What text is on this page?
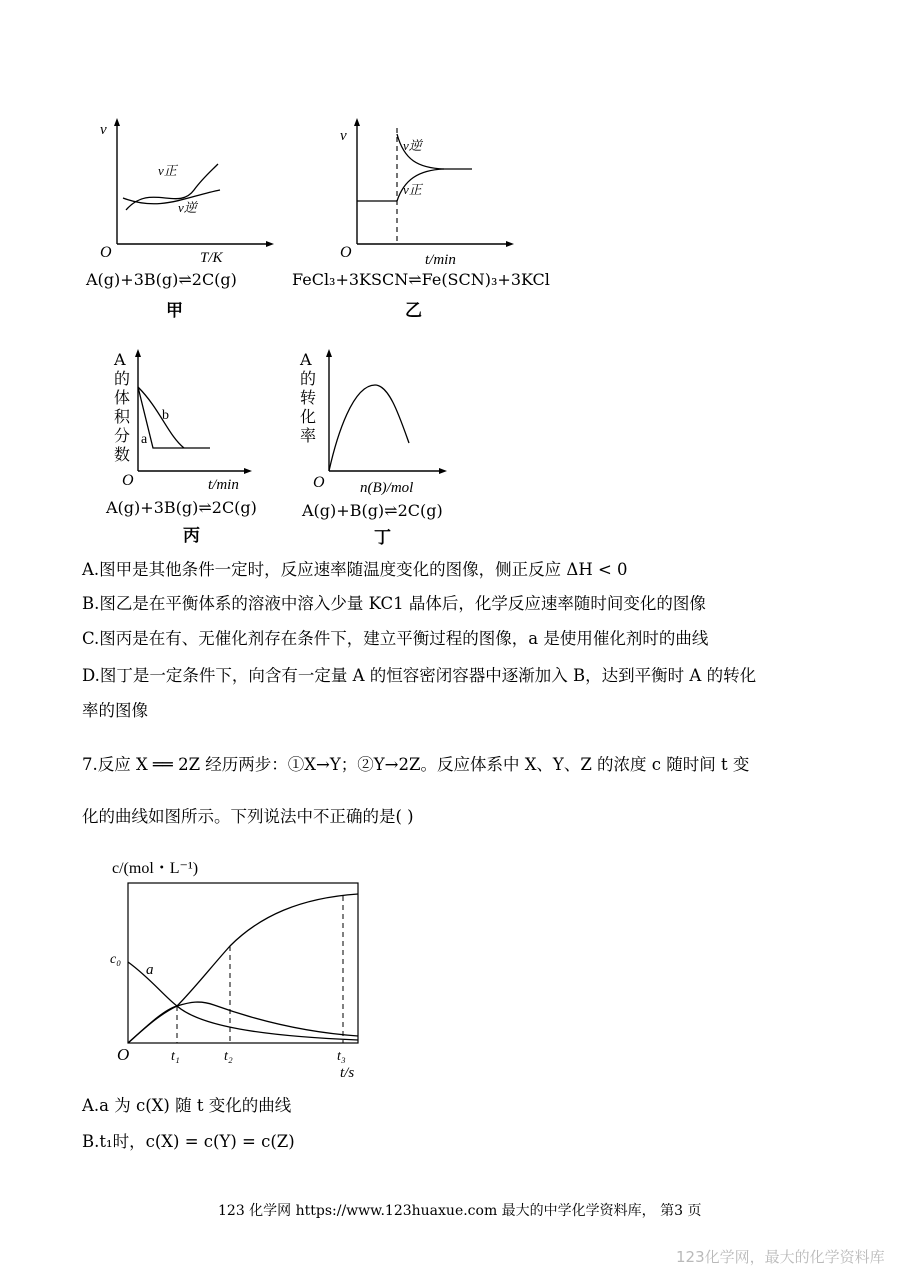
v
O	T/K
v正
v逆
A(g)+3B(g)⇌2C(g)
甲
v
O	t/min
v逆
v正
FeCl₃+3KSCN⇌Fe(SCN)₃+3KCl
乙
O	t/min
a
b
A的体积分数
A(g)+3B(g)⇌2C(g)
丙
O n(B)/mol
A的转化率
A(g)+B(g)⇌2C(g)
丁
A.图甲是其他条件一定时，反应速率随温度变化的图像，侧正反应 ΔH < 0
B.图乙是在平衡体系的溶液中溶入少量 KC1 晶体后，化学反应速率随时间变化的图像
C.图丙是在有、无催化剂存在条件下，建立平衡过程的图像，a 是使用催化剂时的曲线
D.图丁是一定条件下，向含有一定量 A 的恒容密闭容器中逐渐加入 B，达到平衡时 A 的转化
率的图像
7.反应 X ══ 2Z 经历两步：①X→Y；②Y→2Z。反应体系中 X、Y、Z 的浓度 c 随时间 t 变
化的曲线如图所示。下列说法中不正确的是( )
c/(mol・L⁻¹)
c₀
a
O	t₁	t₂	t₃
t/s
A.a 为 c(X) 随 t 变化的曲线
B.t₁时，c(X) = c(Y) = c(Z)
123 化学网 https://www.123huaxue.com 最大的中学化学资料库， 第3 页
123化学网，最大的化学资料库
